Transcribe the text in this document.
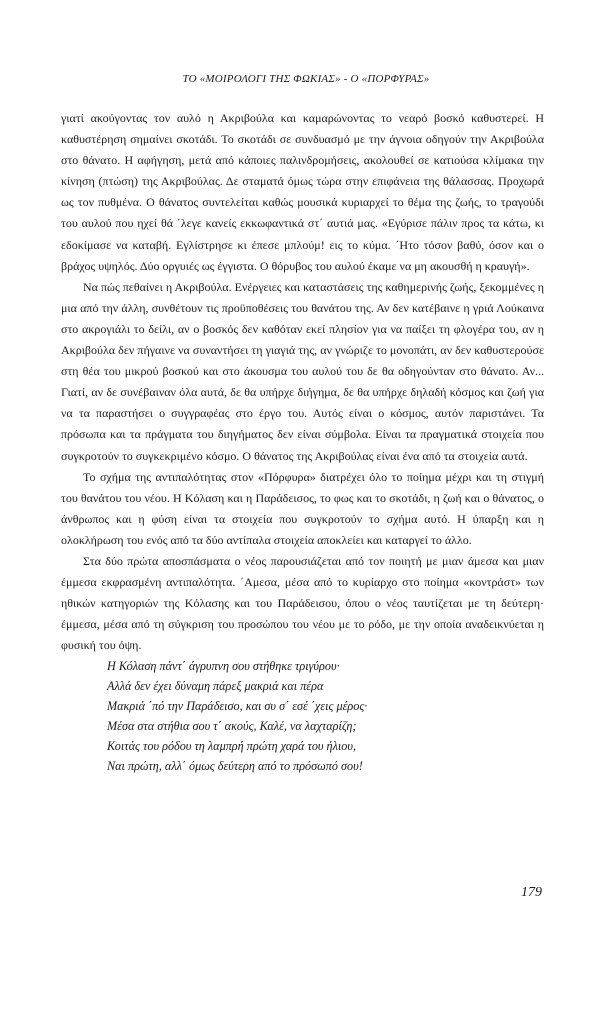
ΤΟ «ΜΟΙΡΟΛΟΓΙ ΤΗΣ ΦΩΚΙΑΣ» - Ο «ΠΟΡΦΥΡΑΣ»

γιατί ακούγοντας τον αυλό η Ακριβούλα και καμαρώνοντας το νεαρό βοσκό καθυστερεί. Η καθυστέρηση σημαίνει σκοτάδι. Το σκοτάδι σε συνδυασμό με την άγνοια οδηγούν την Ακριβούλα στο θάνατο. Η αφήγηση, μετά από κάποιες παλινδρομήσεις, ακολουθεί σε κατιούσα κλίμακα την κίνηση (πτώση) της Ακριβούλας. Δε σταματά όμως τώρα στην επιφάνεια της θάλασσας. Προχωρά ως τον πυθμένα. Ο θάνατος συντελείται καθώς μουσικά κυριαρχεί το θέμα της ζωής, το τραγούδι του αυλού που ηχεί θά ΄λεγε κανείς εκκωφαντικά στ΄ αυτιά μας. «Εγύρισε πάλιν προς τα κάτω, κι εδοκίμασε να καταβή. Εγλίστρησε κι έπεσε μπλούμ! εις το κύμα. ΄Ητο τόσον βαθύ, όσον και ο βράχος υψηλός. Δύο οργυιές ως έγγιστα. Ο θόρυβος του αυλού έκαμε να μη ακουσθή η κραυγή».

Να πώς πεθαίνει η Ακριβούλα. Ενέργειες και καταστάσεις της καθημερινής ζωής, ξεκομμένες η μια από την άλλη, συνθέτουν τις προϋποθέσεις του θανάτου της. Αν δεν κατέβαινε η γριά Λούκαινα στο ακρογιάλι το δείλι, αν ο βοσκός δεν καθόταν εκεί πλησίον για να παίξει τη φλογέρα του, αν η Ακριβούλα δεν πήγαινε να συναντήσει τη γιαγιά της, αν γνώριζε το μονοπάτι, αν δεν καθυστερούσε στη θέα του μικρού βοσκού και στο άκουσμα του αυλού του δε θα οδηγούνταν στο θάνατο. Αν... Γιατί, αν δε συνέβαιναν όλα αυτά, δε θα υπήρχε διήγημα, δε θα υπήρχε δηλαδή κόσμος και ζωή για να τα παραστήσει ο συγγραφέας στο έργο του. Αυτός είναι ο κόσμος, αυτόν παριστάνει. Τα πρόσωπα και τα πράγματα του διηγήματος δεν είναι σύμβολα. Είναι τα πραγματικά στοιχεία που συγκροτούν το συγκεκριμένο κόσμο. Ο θάνατος της Ακριβούλας είναι ένα από τα στοιχεία αυτά.

Το σχήμα της αντιπαλότητας στον «Πόρφυρα» διατρέχει όλο το ποίημα μέχρι και τη στιγμή του θανάτου του νέου. Η Κόλαση και η Παράδεισος, το φως και το σκοτάδι, η ζωή και ο θάνατος, ο άνθρωπος και η φύση είναι τα στοιχεία που συγκροτούν το σχήμα αυτό. Η ύπαρξη και η ολοκλήρωση του ενός από τα δύο αντίπαλα στοιχεία αποκλείει και καταργεί το άλλο.

Στα δύο πρώτα αποσπάσματα ο νέος παρουσιάζεται από τον ποιητή με μιαν άμεσα και μιαν έμμεσα εκφρασμένη αντιπαλότητα. ΄Αμεσα, μέσα από το κυρίαρχο στο ποίημα «κοντράστ» των ηθικών κατηγοριών της Κόλασης και του Παράδεισου, όπου ο νέος ταυτίζεται με τη δεύτερη· έμμεσα, μέσα από τη σύγκριση του προσώπου του νέου με το ρόδο, με την οποία αναδεικνύεται η φυσική του όψη.

Η Κόλαση πάντ΄ άγρυπνη σου στήθηκε τριγύρου·
Αλλά δεν έχει δύναμη πάρεξ μακριά και πέρα
Μακριά ΄πό την Παράδεισο, και συ σ΄ εσέ ΄χεις μέρος·
Μέσα στα στήθια σου τ΄ ακούς, Καλέ, να λαχταρίζη;
Κοιτάς του ρόδου τη λαμπρή πρώτη χαρά του ήλιου,
Ναι πρώτη, αλλ΄ όμως δεύτερη από το πρόσωπό σου!
179
